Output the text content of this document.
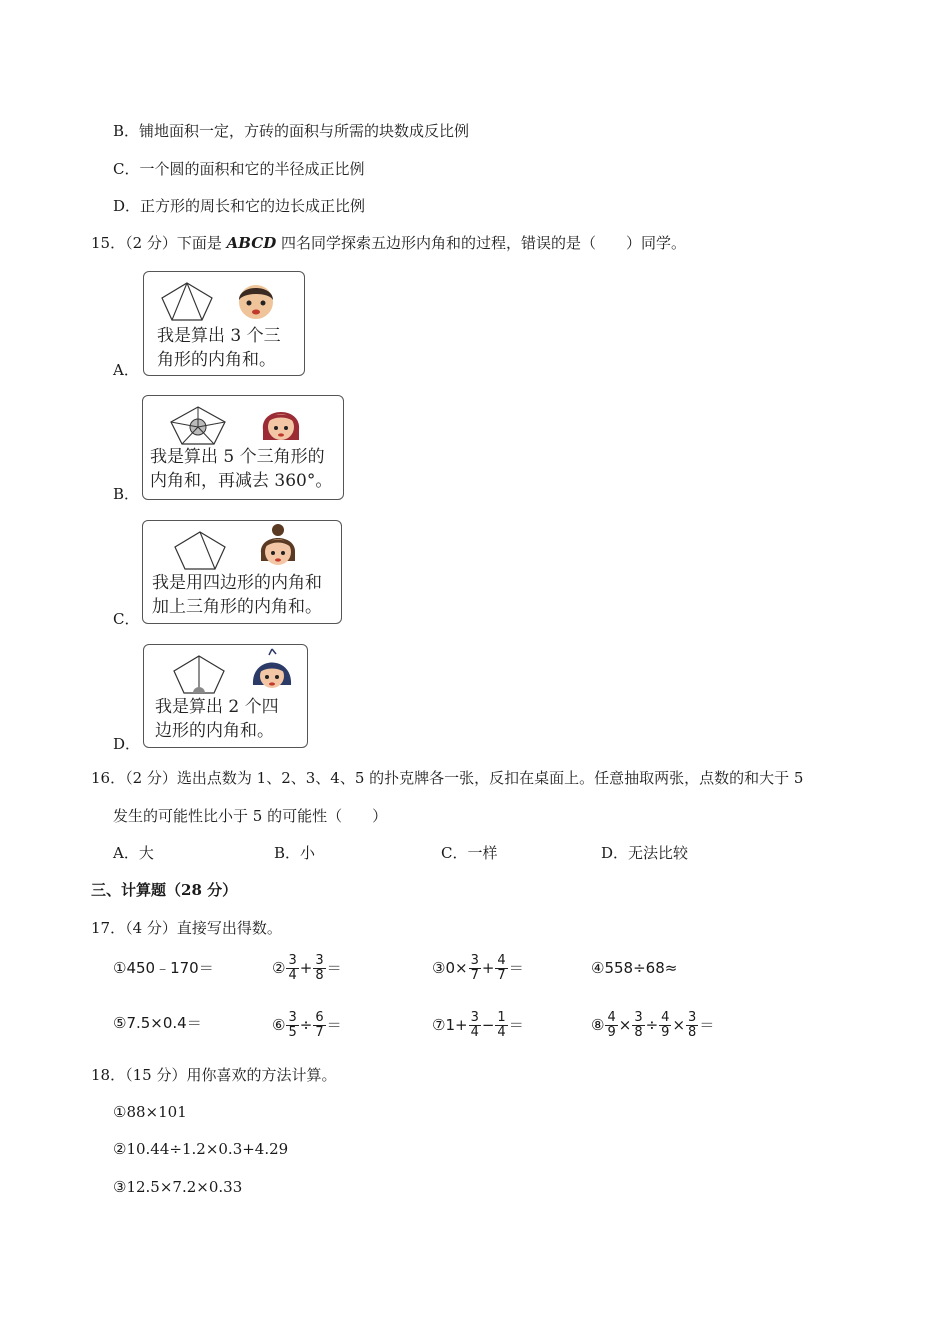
B．铺地面积一定，方砖的面积与所需的块数成反比例
C．一个圆的面积和它的半径成正比例
D．正方形的周长和它的边长成正比例
15．（2 分）下面是 ABCD 四名同学探索五边形内角和的过程，错误的是（　　）同学。
A．
我是算出 3 个三
角形的内角和。
B．
我是算出 5 个三角形的
内角和，再减去 360°。
C．
我是用四边形的内角和
加上三角形的内角和。
D．
我是算出 2 个四
边形的内角和。
16．（2 分）选出点数为 1、2、3、4、5 的扑克牌各一张，反扣在桌面上。任意抽取两张，点数的和大于 5
发生的可能性比小于 5 的可能性（　　）
A．大	B．小	C．一样	D．无法比较
三、计算题（28 分）
17．（4 分）直接写出得数。
①450﹣170＝	② $\frac{3}{4} + \frac{3}{8}$ ＝	③0× $\frac{3}{7} + \frac{4}{7}$ ＝	④558÷68≈
⑤7.5×0.4＝	⑥ $\frac{3}{5} \div \frac{6}{7}$ ＝	⑦1+ $\frac{3}{4} - \frac{1}{4}$ ＝	⑧ $\frac{4}{9} \times \frac{3}{8} \div \frac{4}{9} \times \frac{3}{8}$ ＝
18．（15 分）用你喜欢的方法计算。
①88×101
②10.44÷1.2×0.3+4.29
③12.5×7.2×0.33
